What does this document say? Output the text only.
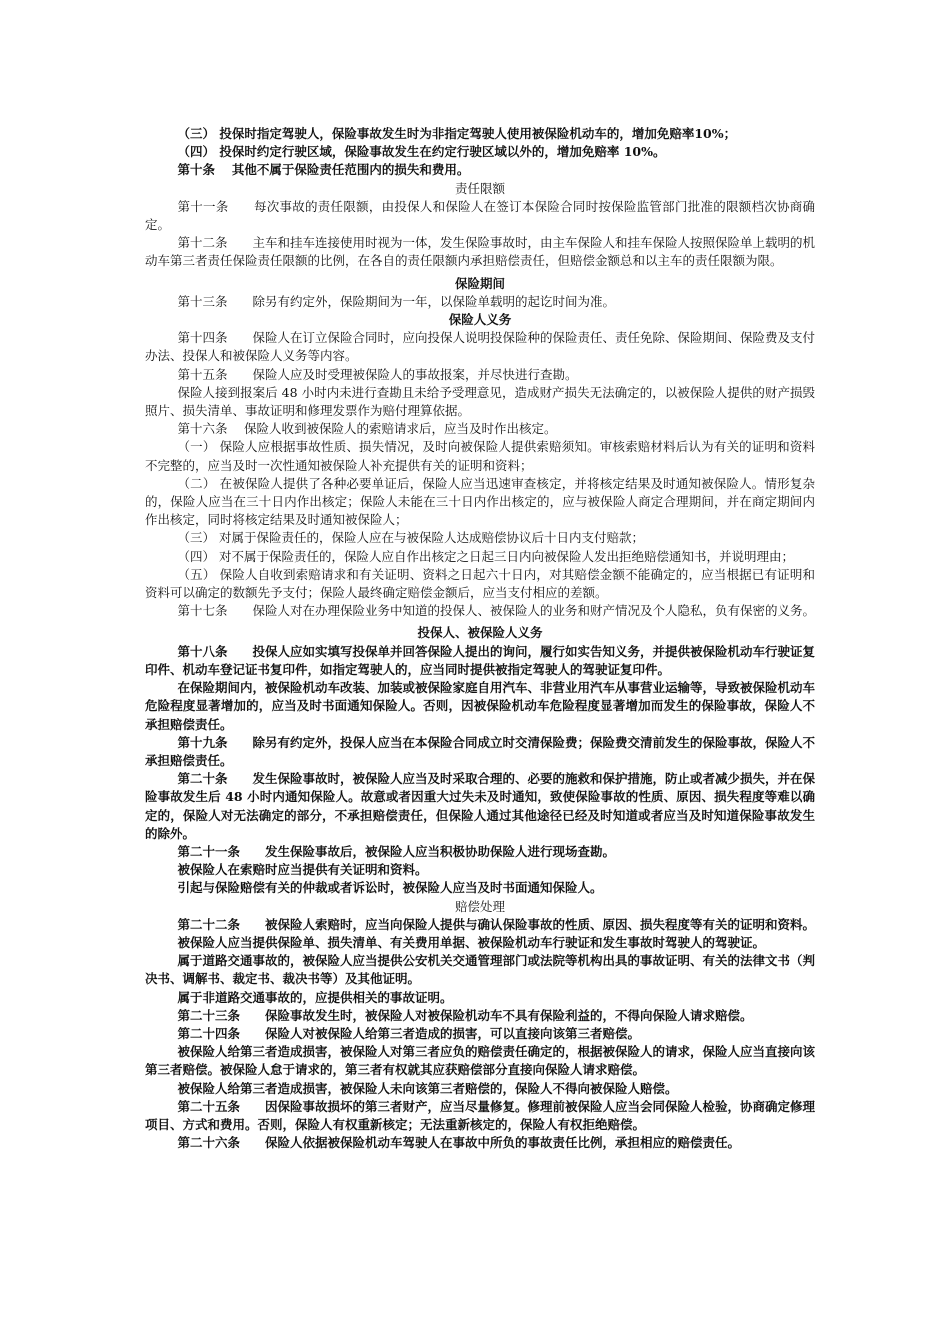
（三） 投保时指定驾驶人，保险事故发生时为非指定驾驶人使用被保险机动车的，增加免赔率10%；

（四） 投保时约定行驶区域，保险事故发生在约定行驶区域以外的，增加免赔率 10%。

第十条　 其他不属于保险责任范围内的损失和费用。

责任限额

第十一条　　每次事故的责任限额，由投保人和保险人在签订本保险合同时按保险监管部门批准的限额档次协商确定。

第十二条　　主车和挂车连接使用时视为一体，发生保险事故时，由主车保险人和挂车保险人按照保险单上载明的机动车第三者责任保险责任限额的比例，在各自的责任限额内承担赔偿责任，但赔偿金额总和以主车的责任限额为限。

保险期间

第十三条　　除另有约定外，保险期间为一年，以保险单载明的起讫时间为准。

保险人义务

第十四条　　保险人在订立保险合同时，应向投保人说明投保险种的保险责任、责任免除、保险期间、保险费及支付办法、投保人和被保险人义务等内容。

第十五条　　保险人应及时受理被保险人的事故报案，并尽快进行查勘。

保险人接到报案后 48 小时内未进行查勘且未给予受理意见，造成财产损失无法确定的，以被保险人提供的财产损毁照片、损失清单、事故证明和修理发票作为赔付理算依据。

第十六条　 保险人收到被保险人的索赔请求后，应当及时作出核定。

（一） 保险人应根据事故性质、损失情况，及时向被保险人提供索赔须知。审核索赔材料后认为有关的证明和资料不完整的，应当及时一次性通知被保险人补充提供有关的证明和资料；

（二） 在被保险人提供了各种必要单证后，保险人应当迅速审查核定，并将核定结果及时通知被保险人。情形复杂的，保险人应当在三十日内作出核定；保险人未能在三十日内作出核定的，应与被保险人商定合理期间，并在商定期间内作出核定，同时将核定结果及时通知被保险人；

（三） 对属于保险责任的，保险人应在与被保险人达成赔偿协议后十日内支付赔款；

（四） 对不属于保险责任的，保险人应自作出核定之日起三日内向被保险人发出拒绝赔偿通知书，并说明理由；

（五） 保险人自收到索赔请求和有关证明、资料之日起六十日内，对其赔偿金额不能确定的，应当根据已有证明和资料可以确定的数额先予支付；保险人最终确定赔偿金额后，应当支付相应的差额。

第十七条　　保险人对在办理保险业务中知道的投保人、被保险人的业务和财产情况及个人隐私，负有保密的义务。

投保人、被保险人义务

第十八条　　投保人应如实填写投保单并回答保险人提出的询问，履行如实告知义务，并提供被保险机动车行驶证复印件、机动车登记证书复印件，如指定驾驶人的，应当同时提供被指定驾驶人的驾驶证复印件。

在保险期间内，被保险机动车改装、加装或被保险家庭自用汽车、非营业用汽车从事营业运输等，导致被保险机动车危险程度显著增加的，应当及时书面通知保险人。否则，因被保险机动车危险程度显著增加而发生的保险事故，保险人不承担赔偿责任。

第十九条　　除另有约定外，投保人应当在本保险合同成立时交清保险费；保险费交清前发生的保险事故，保险人不承担赔偿责任。

第二十条　　发生保险事故时，被保险人应当及时采取合理的、必要的施救和保护措施，防止或者减少损失，并在保险事故发生后 48 小时内通知保险人。故意或者因重大过失未及时通知，致使保险事故的性质、原因、损失程度等难以确定的，保险人对无法确定的部分，不承担赔偿责任，但保险人通过其他途径已经及时知道或者应当及时知道保险事故发生的除外。

第二十一条　　发生保险事故后，被保险人应当积极协助保险人进行现场查勘。

被保险人在索赔时应当提供有关证明和资料。

引起与保险赔偿有关的仲裁或者诉讼时，被保险人应当及时书面通知保险人。

赔偿处理

第二十二条　　被保险人索赔时，应当向保险人提供与确认保险事故的性质、原因、损失程度等有关的证明和资料。

被保险人应当提供保险单、损失清单、有关费用单据、被保险机动车行驶证和发生事故时驾驶人的驾驶证。

属于道路交通事故的，被保险人应当提供公安机关交通管理部门或法院等机构出具的事故证明、有关的法律文书（判决书、调解书、裁定书、裁决书等）及其他证明。

属于非道路交通事故的，应提供相关的事故证明。

第二十三条　　保险事故发生时，被保险人对被保险机动车不具有保险利益的，不得向保险人请求赔偿。

第二十四条　　保险人对被保险人给第三者造成的损害，可以直接向该第三者赔偿。

被保险人给第三者造成损害，被保险人对第三者应负的赔偿责任确定的，根据被保险人的请求，保险人应当直接向该第三者赔偿。被保险人怠于请求的，第三者有权就其应获赔偿部分直接向保险人请求赔偿。

被保险人给第三者造成损害，被保险人未向该第三者赔偿的，保险人不得向被保险人赔偿。

第二十五条　　因保险事故损坏的第三者财产，应当尽量修复。修理前被保险人应当会同保险人检验，协商确定修理项目、方式和费用。否则，保险人有权重新核定；无法重新核定的，保险人有权拒绝赔偿。

第二十六条　　保险人依据被保险机动车驾驶人在事故中所负的事故责任比例，承担相应的赔偿责任。
